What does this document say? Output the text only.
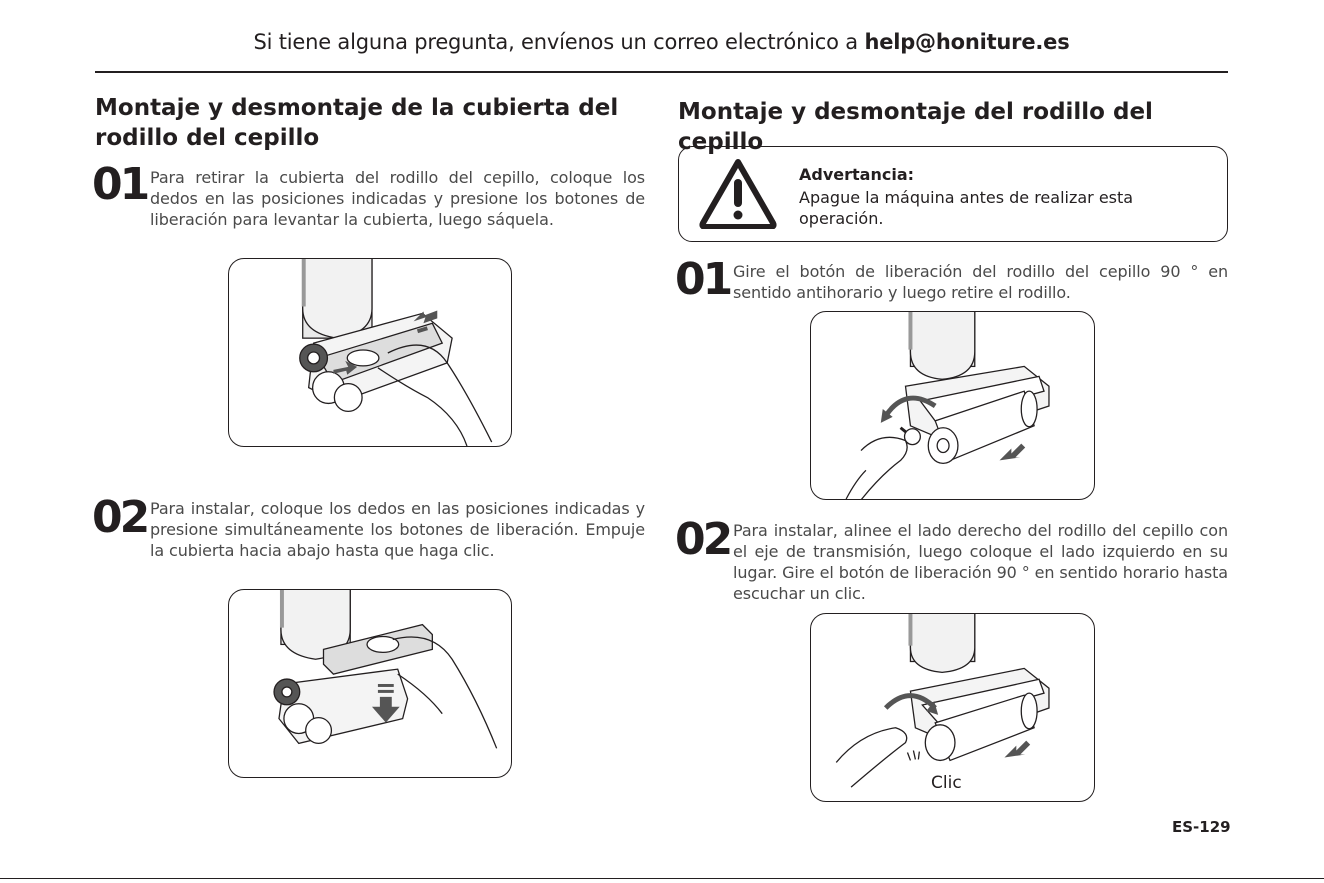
Si tiene alguna pregunta, envíenos un correo electrónico a help@honiture.es
Montaje y desmontaje de la cubierta del rodillo del cepillo
01 Para retirar la cubierta del rodillo del cepillo, coloque los dedos en las posiciones indicadas y presione los botones de liberación para levantar la cubierta, luego sáquela.
02 Para instalar, coloque los dedos en las posiciones indicadas y presione simultáneamente los botones de liberación. Empuje la cubierta hacia abajo hasta que haga clic.
Montaje y desmontaje del rodillo del cepillo
Advertancia:
Apague la máquina antes de realizar esta operación.
01 Gire el botón de liberación del rodillo del cepillo 90 ° en sentido antihorario y luego retire el rodillo.
02 Para instalar, alinee el lado derecho del rodillo del cepillo con el eje de transmisión, luego coloque el lado izquierdo en su lugar. Gire el botón de liberación 90 ° en sentido horario hasta escuchar un clic.
Clic
ES-129
